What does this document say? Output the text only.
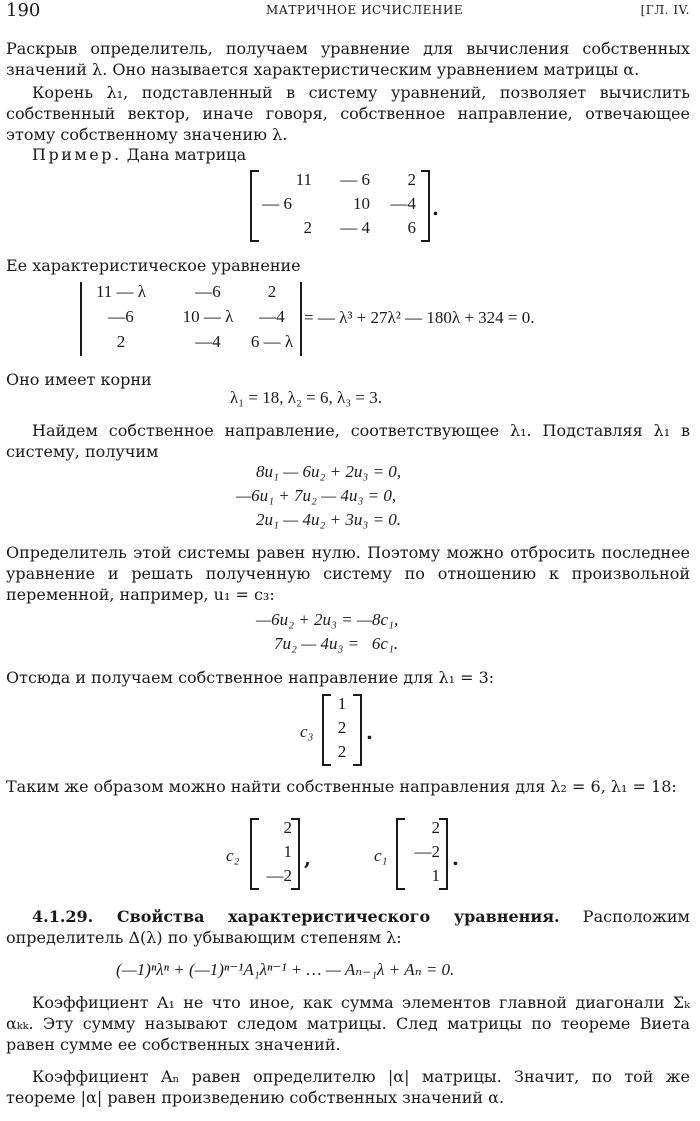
190	МАТРИЧНОЕ ИСЧИСЛЕНИЕ	[ГЛ. IV.
Раскрыв определитель, получаем уравнение для вычисления собственных значений λ. Оно называется характеристическим уравнением матрицы α.
Корень λ₁, подставленный в систему уравнений, позволяет вычислить собственный вектор, иначе говоря, собственное направление, отвечающее этому собственному значению λ.
Пример. Дана матрица
11	— 6	2
— 6	10	—4
2	— 4	6
.
Ее характеристическое уравнение
11 — λ	—6	2
—6	10 — λ	—4
2	—4	6 — λ
= — λ³ + 27λ² — 180λ + 324 = 0.
Оно имеет корни
λ₁ = 18, λ₂ = 6, λ₃ = 3.
Найдем собственное направление, соответствующее λ₁. Подставляя λ₁ в систему, получим
8u₁ — 6u₂ + 2u₃ = 0,
—6u₁ + 7u₂ — 4u₃ = 0,
2u₁ — 4u₂ + 3u₃ = 0.
Определитель этой системы равен нулю. Поэтому можно отбросить последнее уравнение и решать полученную систему по отношению к произвольной переменной, например, u₁ = c₃:
—6u₂ + 2u₃ = —8c₁,
7u₂ — 4u₃ =   6c₁.
Отсюда и получаем собственное направление для λ₁ = 3:
c₃
1
2
2
.
Таким же образом можно найти собственные направления для λ₂ = 6, λ₁ = 18:
c₂
2
1
—2
,	c₁
2
—2
1
.
4.1.29. Свойства характеристического уравнения. Расположим определитель Δ(λ) по убывающим степеням λ:
(—1)ⁿλⁿ + (—1)ⁿ⁻¹A₁λⁿ⁻¹ + … — Aₙ₋₁λ + Aₙ = 0.
Коэффициент A₁ не что иное, как сумма элементов главной диагонали Σₖ αₖₖ. Эту сумму называют следом матрицы. След матрицы по теореме Виета равен сумме ее собственных значений.
Коэффициент Aₙ равен определителю |α| матрицы. Значит, по той же теореме |α| равен произведению собственных значений α.
